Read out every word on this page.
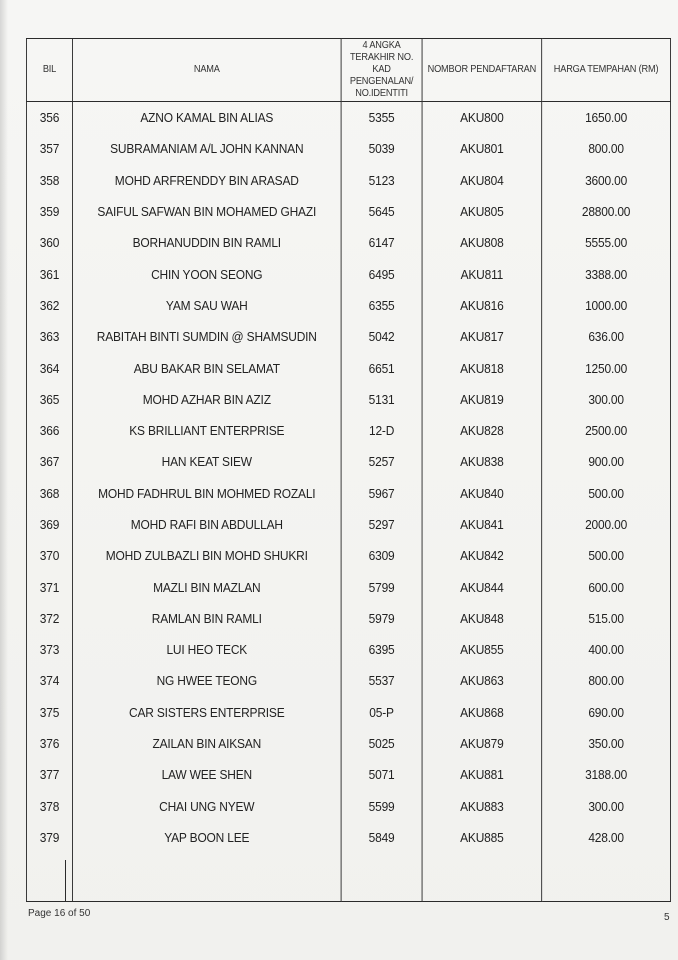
BIL	NAMA	4 ANGKA TERAKHIR NO. KAD PENGENALAN/ NO.IDENTITI	NOMBOR PENDAFTARAN	HARGA TEMPAHAN (RM)
356	AZNO KAMAL BIN ALIAS	5355	AKU800	1650.00
357	SUBRAMANIAM A/L JOHN KANNAN	5039	AKU801	800.00
358	MOHD ARFRENDDY BIN ARASAD	5123	AKU804	3600.00
359	SAIFUL SAFWAN BIN MOHAMED GHAZI	5645	AKU805	28800.00
360	BORHANUDDIN BIN RAMLI	6147	AKU808	5555.00
361	CHIN YOON SEONG	6495	AKU811	3388.00
362	YAM SAU WAH	6355	AKU816	1000.00
363	RABITAH BINTI SUMDIN @ SHAMSUDIN	5042	AKU817	636.00
364	ABU BAKAR BIN SELAMAT	6651	AKU818	1250.00
365	MOHD AZHAR BIN AZIZ	5131	AKU819	300.00
366	KS BRILLIANT ENTERPRISE	12-D	AKU828	2500.00
367	HAN KEAT SIEW	5257	AKU838	900.00
368	MOHD FADHRUL BIN MOHMED ROZALI	5967	AKU840	500.00
369	MOHD RAFI BIN ABDULLAH	5297	AKU841	2000.00
370	MOHD ZULBAZLI BIN MOHD SHUKRI	6309	AKU842	500.00
371	MAZLI BIN MAZLAN	5799	AKU844	600.00
372	RAMLAN BIN RAMLI	5979	AKU848	515.00
373	LUI HEO TECK	6395	AKU855	400.00
374	NG HWEE TEONG	5537	AKU863	800.00
375	CAR SISTERS ENTERPRISE	05-P	AKU868	690.00
376	ZAILAN BIN AIKSAN	5025	AKU879	350.00
377	LAW WEE SHEN	5071	AKU881	3188.00
378	CHAI UNG NYEW	5599	AKU883	300.00
379	YAP BOON LEE	5849	AKU885	428.00

Page 16 of 50	5
